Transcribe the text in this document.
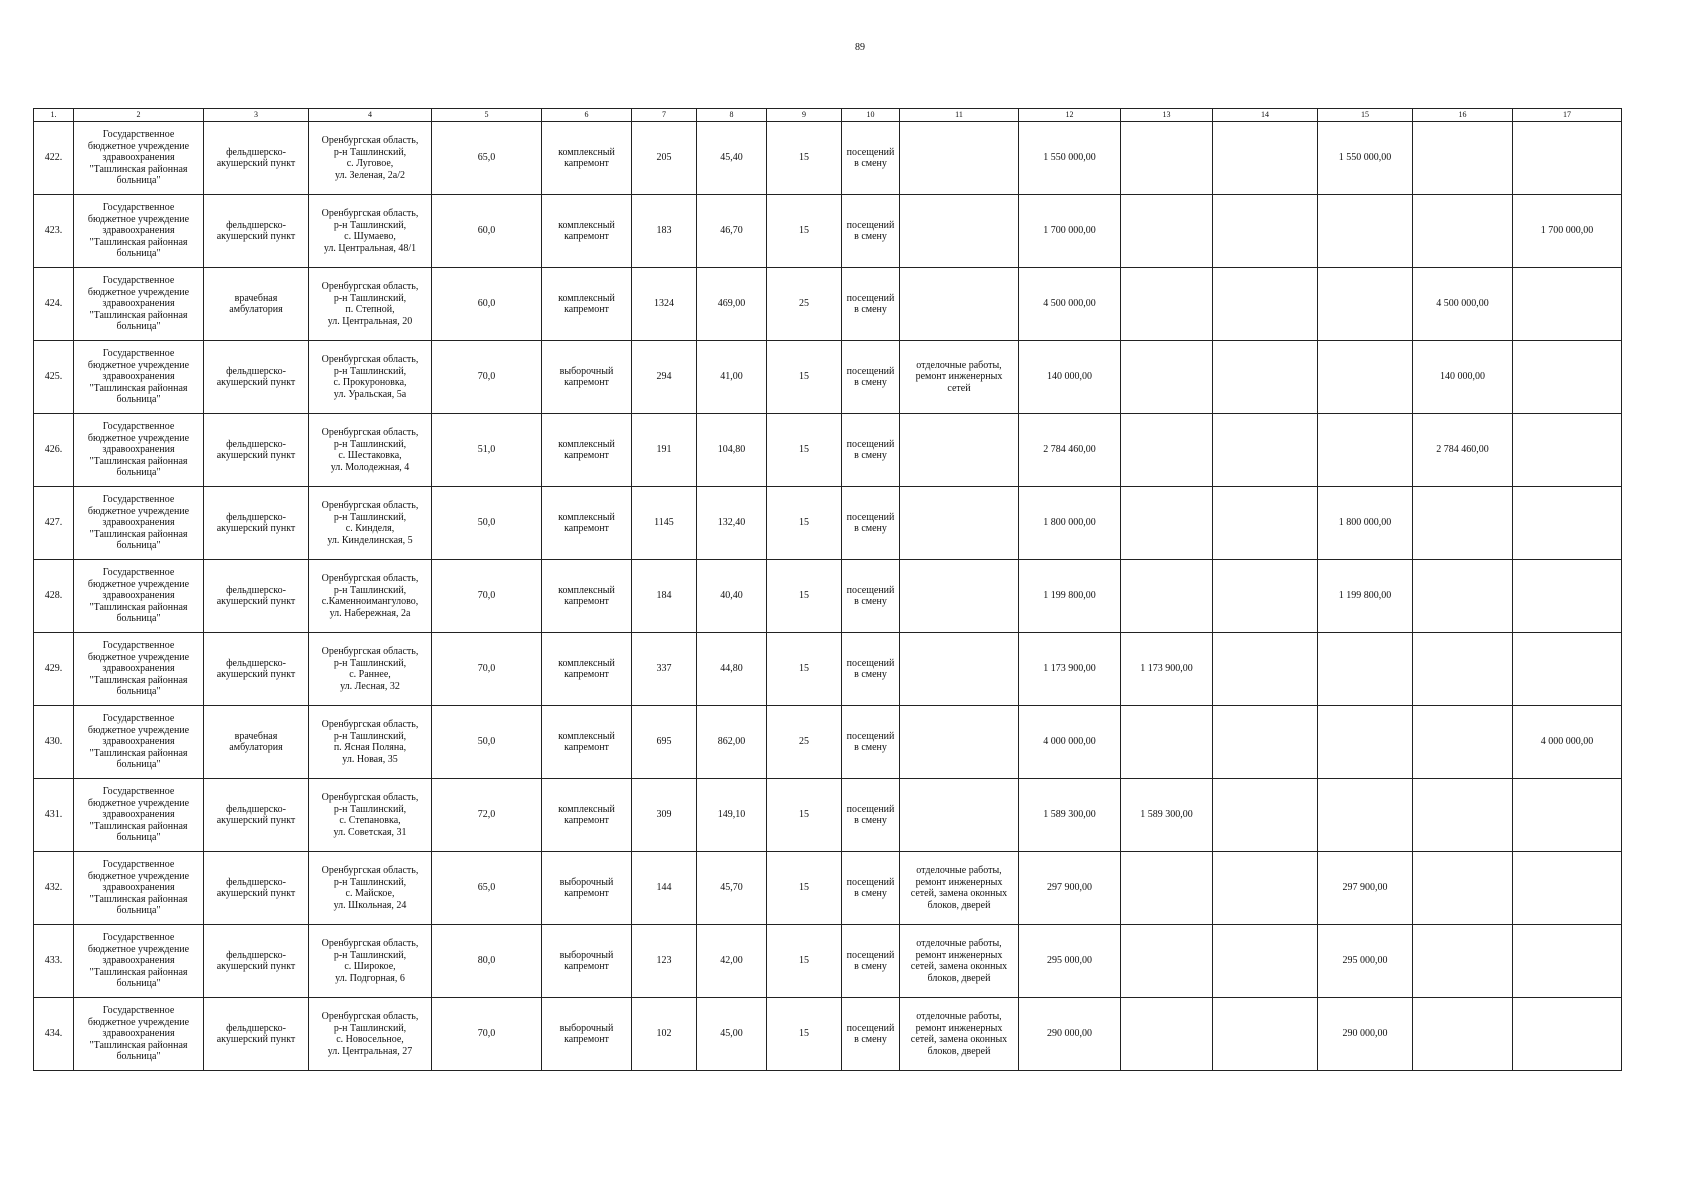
89
1.	2	3	4	5	6	7	8	9	10	11	12	13	14	15	16	17
422.	Государственное
бюджетное учреждение
здравоохранения
"Ташлинская районная
больница"	фельдшерско-
акушерский пункт	Оренбургская область,
р-н Ташлинский,
с. Луговое,
ул. Зеленая, 2а/2	65,0	комплексный
капремонт	205	45,40	15	посещений
в смену		1 550 000,00			1 550 000,00		
423.	Государственное
бюджетное учреждение
здравоохранения
"Ташлинская районная
больница"	фельдшерско-
акушерский пункт	Оренбургская область,
р-н Ташлинский,
с. Шумаево,
ул. Центральная, 48/1	60,0	комплексный
капремонт	183	46,70	15	посещений
в смену		1 700 000,00					1 700 000,00
424.	Государственное
бюджетное учреждение
здравоохранения
"Ташлинская районная
больница"	врачебная
амбулатория	Оренбургская область,
р-н Ташлинский,
п. Степной,
ул. Центральная, 20	60,0	комплексный
капремонт	1324	469,00	25	посещений
в смену		4 500 000,00				4 500 000,00	
425.	Государственное
бюджетное учреждение
здравоохранения
"Ташлинская районная
больница"	фельдшерско-
акушерский пункт	Оренбургская область,
р-н Ташлинский,
с. Прокуроновка,
ул. Уральская, 5а	70,0	выборочный
капремонт	294	41,00	15	посещений
в смену	отделочные работы,
ремонт инженерных
сетей	140 000,00				140 000,00	
426.	Государственное
бюджетное учреждение
здравоохранения
"Ташлинская районная
больница"	фельдшерско-
акушерский пункт	Оренбургская область,
р-н Ташлинский,
с. Шестаковка,
ул. Молодежная, 4	51,0	комплексный
капремонт	191	104,80	15	посещений
в смену		2 784 460,00				2 784 460,00	
427.	Государственное
бюджетное учреждение
здравоохранения
"Ташлинская районная
больница"	фельдшерско-
акушерский пункт	Оренбургская область,
р-н Ташлинский,
с. Кинделя,
ул. Кинделинская, 5	50,0	комплексный
капремонт	1145	132,40	15	посещений
в смену		1 800 000,00			1 800 000,00		
428.	Государственное
бюджетное учреждение
здравоохранения
"Ташлинская районная
больница"	фельдшерско-
акушерский пункт	Оренбургская область,
р-н Ташлинский,
с.Каменноимангулово,
ул. Набережная, 2а	70,0	комплексный
капремонт	184	40,40	15	посещений
в смену		1 199 800,00			1 199 800,00		
429.	Государственное
бюджетное учреждение
здравоохранения
"Ташлинская районная
больница"	фельдшерско-
акушерский пункт	Оренбургская область,
р-н Ташлинский,
с. Раннее,
ул. Лесная, 32	70,0	комплексный
капремонт	337	44,80	15	посещений
в смену		1 173 900,00	1 173 900,00				
430.	Государственное
бюджетное учреждение
здравоохранения
"Ташлинская районная
больница"	врачебная
амбулатория	Оренбургская область,
р-н Ташлинский,
п. Ясная Поляна,
ул. Новая, 35	50,0	комплексный
капремонт	695	862,00	25	посещений
в смену		4 000 000,00					4 000 000,00
431.	Государственное
бюджетное учреждение
здравоохранения
"Ташлинская районная
больница"	фельдшерско-
акушерский пункт	Оренбургская область,
р-н Ташлинский,
с. Степановка,
ул. Советская, 31	72,0	комплексный
капремонт	309	149,10	15	посещений
в смену		1 589 300,00	1 589 300,00				
432.	Государственное
бюджетное учреждение
здравоохранения
"Ташлинская районная
больница"	фельдшерско-
акушерский пункт	Оренбургская область,
р-н Ташлинский,
с. Майское,
ул. Школьная, 24	65,0	выборочный
капремонт	144	45,70	15	посещений
в смену	отделочные работы,
ремонт инженерных
сетей, замена оконных
блоков, дверей	297 900,00			297 900,00		
433.	Государственное
бюджетное учреждение
здравоохранения
"Ташлинская районная
больница"	фельдшерско-
акушерский пункт	Оренбургская область,
р-н Ташлинский,
с. Широкое,
ул. Подгорная, 6	80,0	выборочный
капремонт	123	42,00	15	посещений
в смену	отделочные работы,
ремонт инженерных
сетей, замена оконных
блоков, дверей	295 000,00			295 000,00		
434.	Государственное
бюджетное учреждение
здравоохранения
"Ташлинская районная
больница"	фельдшерско-
акушерский пункт	Оренбургская область,
р-н Ташлинский,
с. Новосельное,
ул. Центральная, 27	70,0	выборочный
капремонт	102	45,00	15	посещений
в смену	отделочные работы,
ремонт инженерных
сетей, замена оконных
блоков, дверей	290 000,00			290 000,00		
